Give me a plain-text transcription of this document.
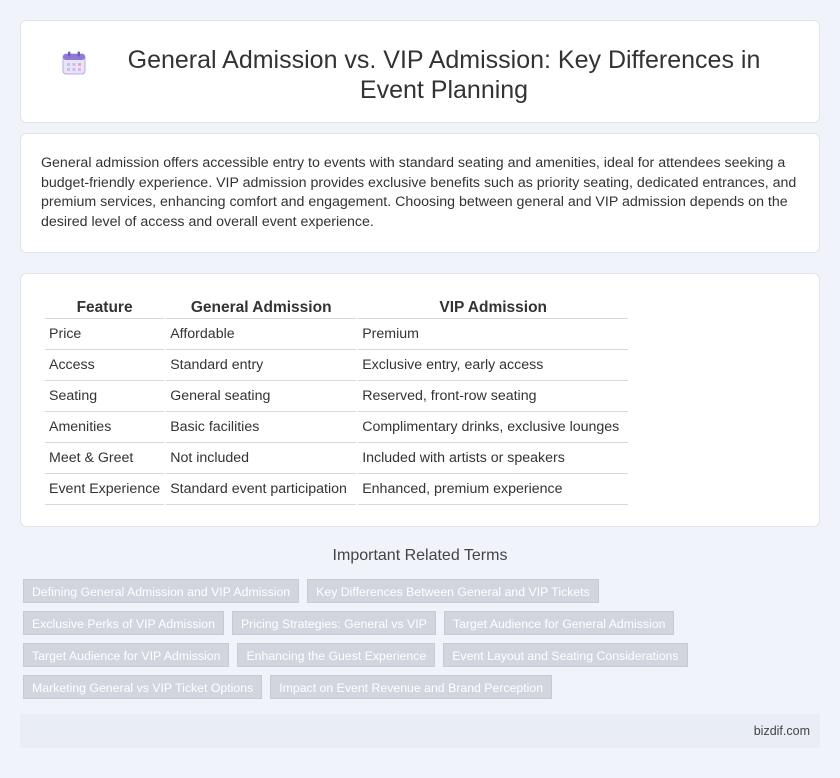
General Admission vs. VIP Admission: Key Differences in Event Planning

General admission offers accessible entry to events with standard seating and amenities, ideal for attendees seeking a budget-friendly experience. VIP admission provides exclusive benefits such as priority seating, dedicated entrances, and premium services, enhancing comfort and engagement. Choosing between general and VIP admission depends on the desired level of access and overall event experience.

Feature	General Admission	VIP Admission
Price	Affordable	Premium
Access	Standard entry	Exclusive entry, early access
Seating	General seating	Reserved, front-row seating
Amenities	Basic facilities	Complimentary drinks, exclusive lounges
Meet & Greet	Not included	Included with artists or speakers
Event Experience	Standard event participation	Enhanced, premium experience
Important Related Terms
Defining General Admission and VIP Admission	Key Differences Between General and VIP Tickets
Exclusive Perks of VIP Admission	Pricing Strategies: General vs VIP	Target Audience for General Admission
Target Audience for VIP Admission	Enhancing the Guest Experience	Event Layout and Seating Considerations
Marketing General vs VIP Ticket Options	Impact on Event Revenue and Brand Perception
bizdif.com
